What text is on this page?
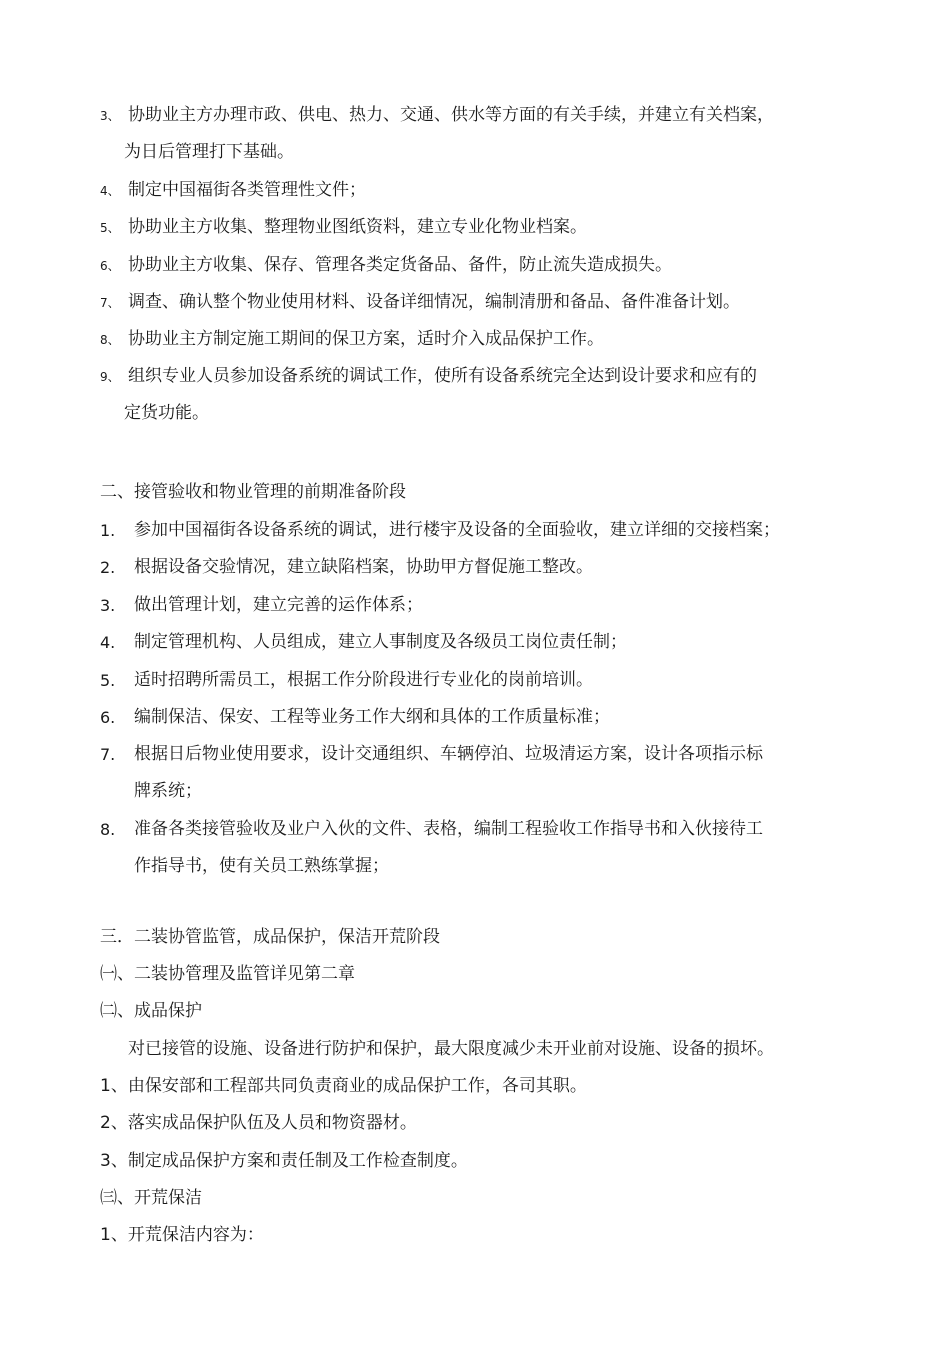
3、 协助业主方办理市政、供电、热力、交通、供水等方面的有关手续，并建立有关档案，
为日后管理打下基础。
4、 制定中国福街各类管理性文件；
5、 协助业主方收集、整理物业图纸资料，建立专业化物业档案。
6、 协助业主方收集、保存、管理各类定货备品、备件，防止流失造成损失。
7、 调查、确认整个物业使用材料、设备详细情况，编制清册和备品、备件准备计划。
8、 协助业主方制定施工期间的保卫方案，适时介入成品保护工作。
9、 组织专业人员参加设备系统的调试工作，使所有设备系统完全达到设计要求和应有的
定货功能。
二、接管验收和物业管理的前期准备阶段
1. 参加中国福街各设备系统的调试，进行楼宇及设备的全面验收，建立详细的交接档案；
2. 根据设备交验情况，建立缺陷档案，协助甲方督促施工整改。
3. 做出管理计划，建立完善的运作体系；
4. 制定管理机构、人员组成，建立人事制度及各级员工岗位责任制；
5. 适时招聘所需员工，根据工作分阶段进行专业化的岗前培训。
6. 编制保洁、保安、工程等业务工作大纲和具体的工作质量标准；
7. 根据日后物业使用要求，设计交通组织、车辆停泊、垃圾清运方案，设计各项指示标
牌系统；
8. 准备各类接管验收及业户入伙的文件、表格，编制工程验收工作指导书和入伙接待工
作指导书，使有关员工熟练掌握；
三．二装协管监管，成品保护，保洁开荒阶段
㈠、二装协管理及监管详见第二章
㈡、成品保护
对已接管的设施、设备进行防护和保护，最大限度减少未开业前对设施、设备的损坏。
1、由保安部和工程部共同负责商业的成品保护工作，各司其职。
2、落实成品保护队伍及人员和物资器材。
3、制定成品保护方案和责任制及工作检查制度。
㈢、开荒保洁
1、开荒保洁内容为：
